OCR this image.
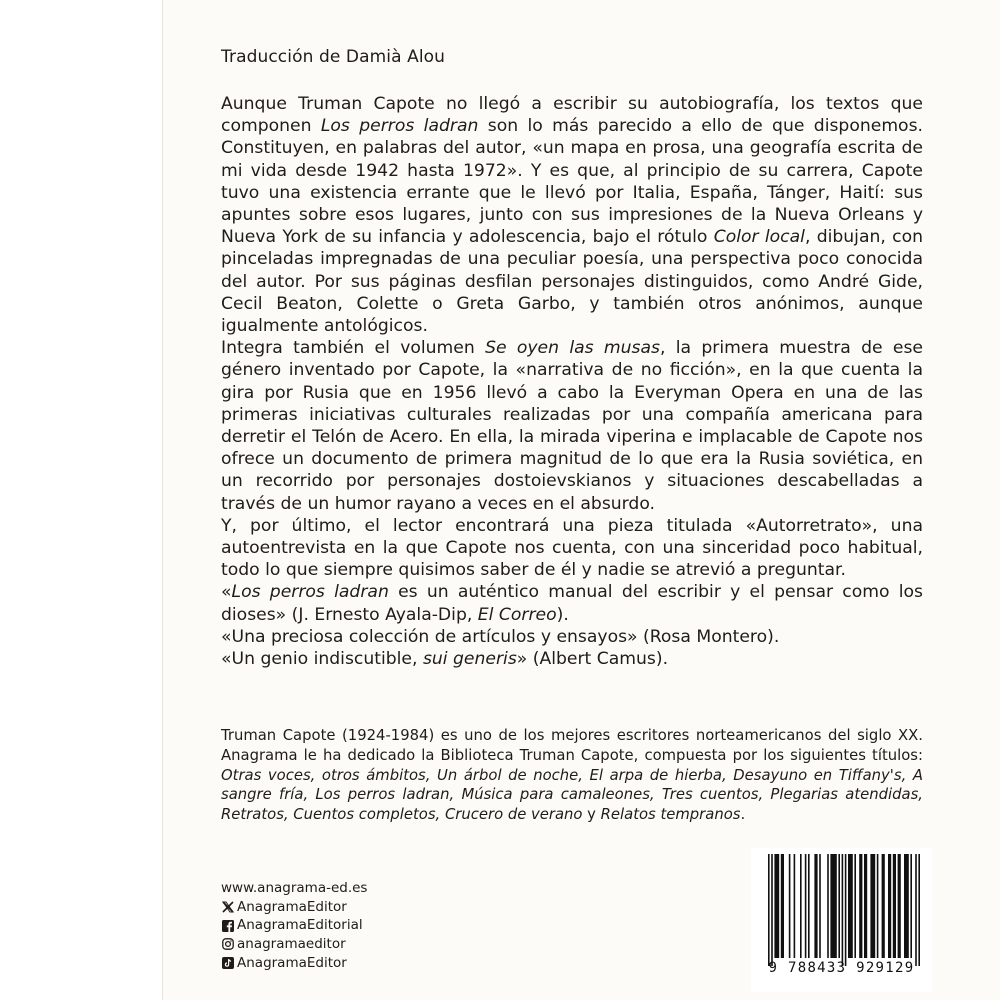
Traducción de Damià Alou

Aunque Truman Capote no llegó a escribir su autobiografía, los textos que componen Los perros ladran son lo más parecido a ello de que disponemos. Constituyen, en palabras del autor, «un mapa en prosa, una geografía escrita de mi vida desde 1942 hasta 1972». Y es que, al principio de su carrera, Capote tuvo una existencia errante que le llevó por Italia, España, Tánger, Haití: sus apuntes sobre esos lugares, junto con sus impresiones de la Nueva Orleans y Nueva York de su infancia y adolescencia, bajo el rótulo Color local, dibujan, con pinceladas impregnadas de una peculiar poesía, una perspectiva poco conocida del autor. Por sus páginas desfilan personajes distinguidos, como André Gide, Cecil Beaton, Colette o Greta Garbo, y también otros anónimos, aunque igualmente antológicos.

Integra también el volumen Se oyen las musas, la primera muestra de ese género inventado por Capote, la «narrativa de no ficción», en la que cuenta la gira por Rusia que en 1956 llevó a cabo la Everyman Opera en una de las primeras iniciativas culturales realizadas por una compañía americana para derretir el Telón de Acero. En ella, la mirada viperina e implacable de Capote nos ofrece un documento de primera magnitud de lo que era la Rusia soviética, en un recorrido por personajes dostoievskianos y situaciones descabelladas a través de un humor rayano a veces en el absurdo.

Y, por último, el lector encontrará una pieza titulada «Autorretrato», una autoentrevista en la que Capote nos cuenta, con una sinceridad poco habitual, todo lo que siempre quisimos saber de él y nadie se atrevió a preguntar.

«Los perros ladran es un auténtico manual del escribir y el pensar como los dioses» (J. Ernesto Ayala-Dip, El Correo).

«Una preciosa colección de artículos y ensayos» (Rosa Montero).

«Un genio indiscutible, sui generis» (Albert Camus).

Truman Capote (1924-1984) es uno de los mejores escritores norteamericanos del siglo XX. Anagrama le ha dedicado la Biblioteca Truman Capote, compuesta por los siguientes títulos: Otras voces, otros ámbitos, Un árbol de noche, El arpa de hierba, Desayuno en Tiffany's, A sangre fría, Los perros ladran, Música para camaleones, Tres cuentos, Plegarias atendidas, Retratos, Cuentos completos, Crucero de verano y Relatos tempranos.

www.anagrama-ed.es
AnagramaEditor
AnagramaEditorial
anagramaeditor
AnagramaEditor	9 788433 929129
